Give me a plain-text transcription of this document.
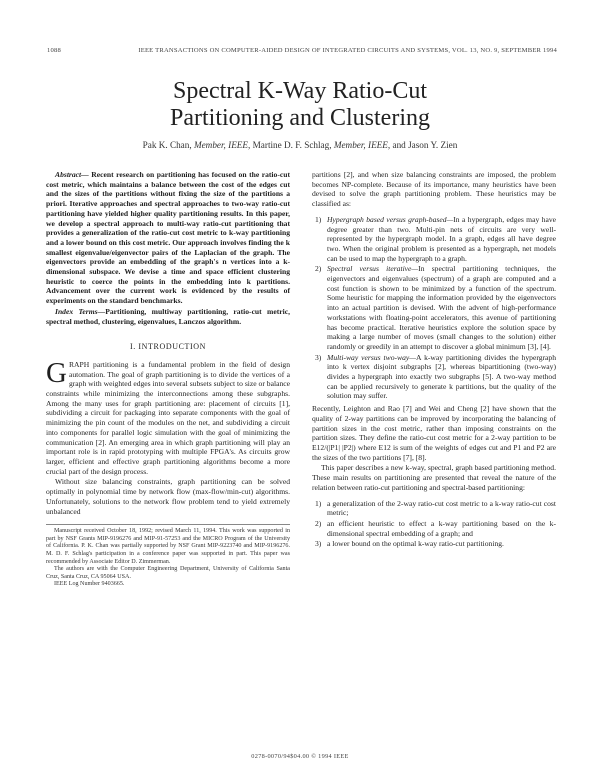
1088	IEEE TRANSACTIONS ON COMPUTER-AIDED DESIGN OF INTEGRATED CIRCUITS AND SYSTEMS, VOL. 13, NO. 9, SEPTEMBER 1994
Spectral K-Way Ratio-Cut
Partitioning and Clustering
Pak K. Chan, Member, IEEE, Martine D. F. Schlag, Member, IEEE, and Jason Y. Zien

Abstract— Recent research on partitioning has focused on the ratio-cut cost metric, which maintains a balance between the cost of the edges cut and the sizes of the partitions without fixing the size of the partitions a priori. Iterative approaches and spectral approaches to two-way ratio-cut partitioning have yielded higher quality partitioning results. In this paper, we develop a spectral approach to multi-way ratio-cut partitioning that provides a generalization of the ratio-cut cost metric to k-way partitioning and a lower bound on this cost metric. Our approach involves finding the k smallest eigenvalue/eigenvector pairs of the Laplacian of the graph. The eigenvectors provide an embedding of the graph's n vertices into a k-dimensional subspace. We devise a time and space efficient clustering heuristic to coerce the points in the embedding into k partitions. Advancement over the current work is evidenced by the results of experiments on the standard benchmarks.

Index Terms—Partitioning, multiway partitioning, ratio-cut metric, spectral method, clustering, eigenvalues, Lanczos algorithm.

I. INTRODUCTION

GRAPH partitioning is a fundamental problem in the field of design automation. The goal of graph partitioning is to divide the vertices of a graph with weighted edges into several subsets subject to size or balance constraints while minimizing the interconnections among these subgraphs. Among the many uses for graph partitioning are: placement of circuits [1], subdividing a circuit for packaging into separate components with the goal of minimizing the pin count of the modules on the net, and subdividing a circuit into components for parallel logic simulation with the goal of minimizing the communication [2]. An emerging area in which graph partitioning will play an important role is in rapid prototyping with multiple FPGA's. As circuits grow larger, efficient and effective graph partitioning algorithms become a more crucial part of the design process.

Without size balancing constraints, graph partitioning can be solved optimally in polynomial time by network flow (max-flow/min-cut) algorithms. Unfortunately, solutions to the network flow problem tend to yield extremely unbalanced

Manuscript received October 18, 1992; revised March 11, 1994. This work was supported in part by NSF Grants MIP-9196276 and MIP-91-57253 and the MICRO Program of the University of California. P. K. Chan was partially supported by NSF Grant MIP-9223740 and MIP-9196276. M. D. F. Schlag's participation in a conference paper was supported in part. This paper was recommended by Associate Editor D. Zimmerman.

The authors are with the Computer Engineering Department, University of California Santa Cruz, Santa Cruz, CA 95064 USA.

IEEE Log Number 9403665.

partitions [2], and when size balancing constraints are imposed, the problem becomes NP-complete. Because of its importance, many heuristics have been devised to solve the graph partitioning problem. These heuristics may be classified as:

1) Hypergraph based versus graph-based—In a hypergraph, edges may have degree greater than two. Multi-pin nets of circuits are very well-represented by the hypergraph model. In a graph, edges all have degree two. When the original problem is presented as a hypergraph, net models can be used to map the hypergraph to a graph.
2) Spectral versus iterative—In spectral partitioning techniques, the eigenvectors and eigenvalues (spectrum) of a graph are computed and a cost function is shown to be minimized by a function of the spectrum. Some heuristic for mapping the information provided by the eigenvectors into an actual partition is devised. With the advent of high-performance workstations with floating-point accelerators, this avenue of partitioning has become practical. Iterative heuristics explore the solution space by making a large number of moves (small changes to the solution) either randomly or greedily in an attempt to discover a global minimum [3], [4].
3) Multi-way versus two-way—A k-way partitioning divides the hypergraph into k vertex disjoint subgraphs [2], whereas bipartitioning (two-way) divides a hypergraph into exactly two subgraphs [5]. A two-way method can be applied recursively to generate k partitions, but the quality of the solution may suffer.

Recently, Leighton and Rao [7] and Wei and Cheng [2] have shown that the quality of 2-way partitions can be improved by incorporating the balancing of partition sizes in the cost metric, rather than imposing constraints on the partition sizes. They define the ratio-cut cost metric for a 2-way partition to be E12/(|P1| |P2|) where E12 is sum of the weights of edges cut and P1 and P2 are the sizes of the two partitions [7], [8].

This paper describes a new k-way, spectral, graph based partitioning method. These main results on partitioning are presented that reveal the nature of the relation between ratio-cut partitioning and spectral-based partitioning:

1) a generalization of the 2-way ratio-cut cost metric to a k-way ratio-cut cost metric;
2) an efficient heuristic to effect a k-way partitioning based on the k-dimensional spectral embedding of a graph; and
3) a lower bound on the optimal k-way ratio-cut partitioning.
0278-0070/94$04.00 © 1994 IEEE
